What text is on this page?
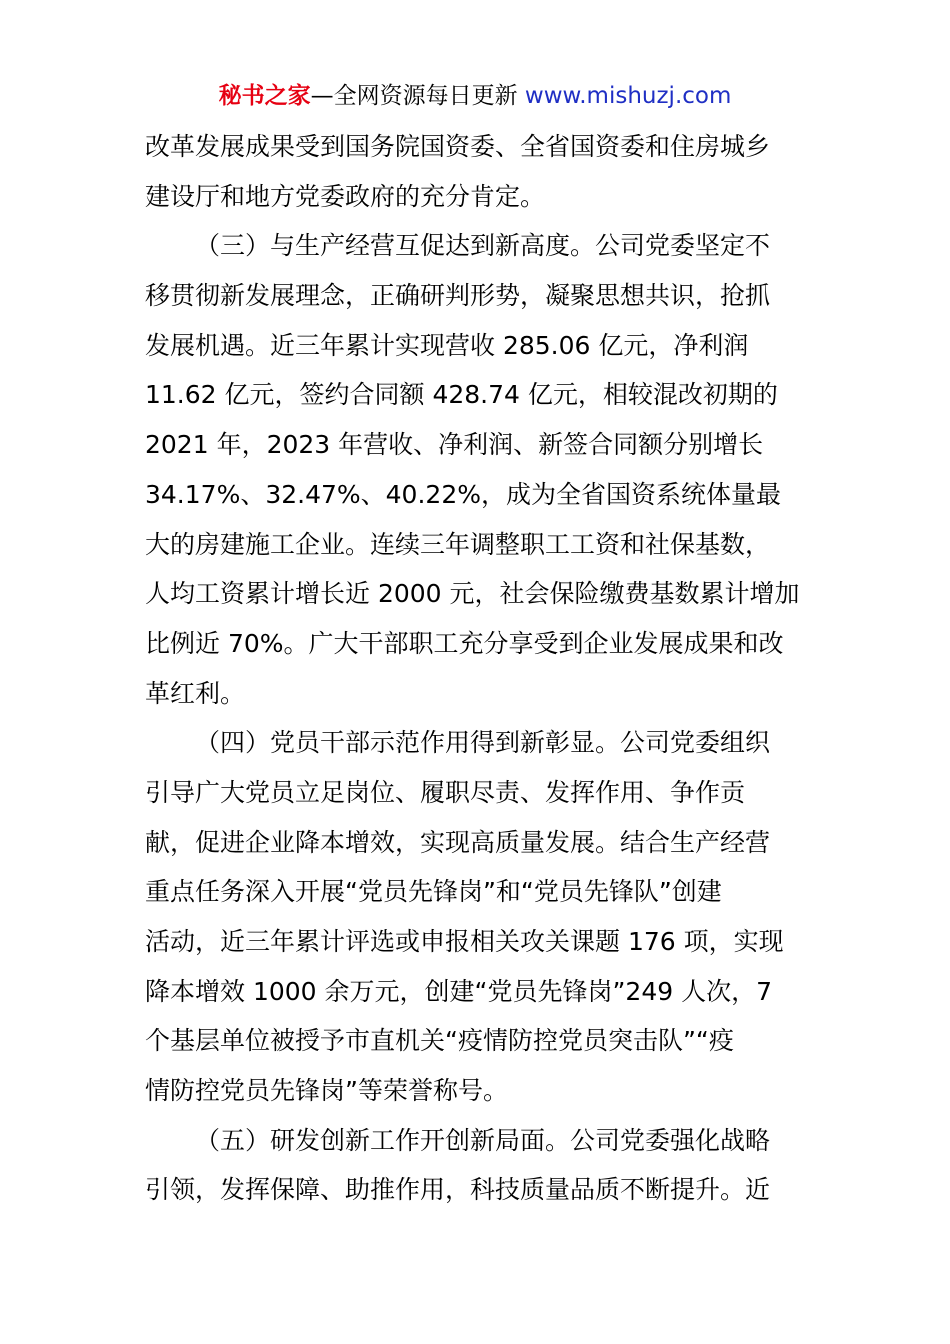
秘书之家—全网资源每日更新 www.mishuzj.com
改革发展成果受到国务院国资委、全省国资委和住房城乡
建设厅和地方党委政府的充分肯定。
（三）与生产经营互促达到新高度。公司党委坚定不
移贯彻新发展理念，正确研判形势，凝聚思想共识，抢抓
发展机遇。近三年累计实现营收 285.06 亿元，净利润
11.62 亿元，签约合同额 428.74 亿元，相较混改初期的
2021 年，2023 年营收、净利润、新签合同额分别增长
34.17%、32.47%、40.22%，成为全省国资系统体量最
大的房建施工企业。连续三年调整职工工资和社保基数，
人均工资累计增长近 2000 元，社会保险缴费基数累计增加
比例近 70%。广大干部职工充分享受到企业发展成果和改
革红利。
（四）党员干部示范作用得到新彰显。公司党委组织
引导广大党员立足岗位、履职尽责、发挥作用、争作贡
献，促进企业降本增效，实现高质量发展。结合生产经营
重点任务深入开展“党员先锋岗”和“党员先锋队”创建
活动，近三年累计评选或申报相关攻关课题 176 项，实现
降本增效 1000 余万元，创建“党员先锋岗”249 人次，7
个基层单位被授予市直机关“疫情防控党员突击队”“疫
情防控党员先锋岗”等荣誉称号。
（五）研发创新工作开创新局面。公司党委强化战略
引领，发挥保障、助推作用，科技质量品质不断提升。近
